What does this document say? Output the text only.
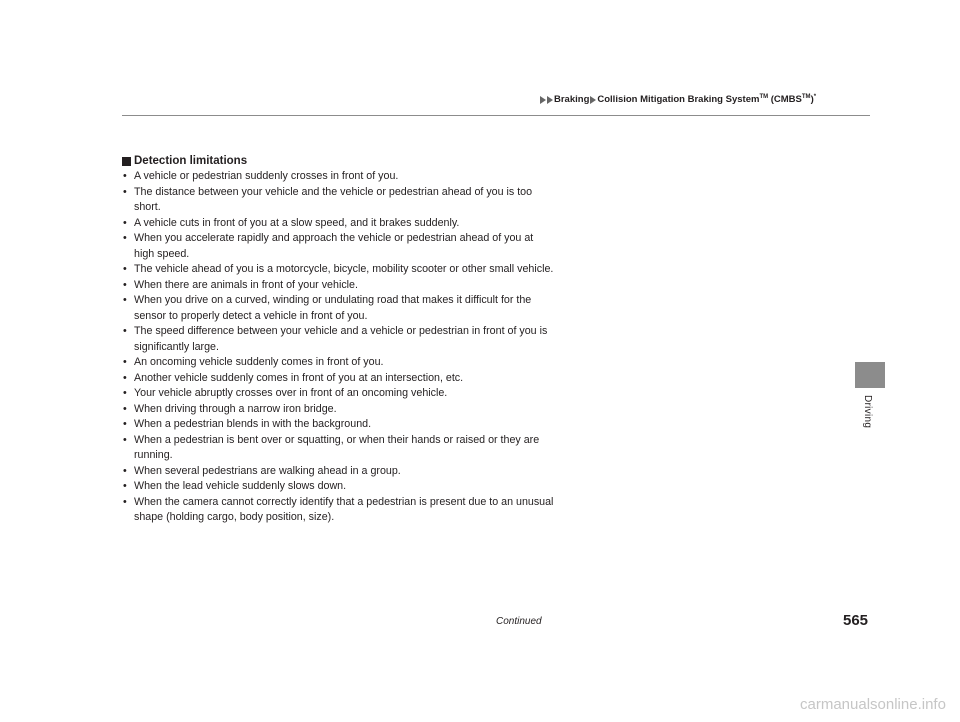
Braking Collision Mitigation Braking System™ (CMBS™)*
Detection limitations
• A vehicle or pedestrian suddenly crosses in front of you.
• The distance between your vehicle and the vehicle or pedestrian ahead of you is too short.
• A vehicle cuts in front of you at a slow speed, and it brakes suddenly.
• When you accelerate rapidly and approach the vehicle or pedestrian ahead of you at high speed.
• The vehicle ahead of you is a motorcycle, bicycle, mobility scooter or other small vehicle.
• When there are animals in front of your vehicle.
• When you drive on a curved, winding or undulating road that makes it difficult for the sensor to properly detect a vehicle in front of you.
• The speed difference between your vehicle and a vehicle or pedestrian in front of you is significantly large.
• An oncoming vehicle suddenly comes in front of you.
• Another vehicle suddenly comes in front of you at an intersection, etc.
• Your vehicle abruptly crosses over in front of an oncoming vehicle.
• When driving through a narrow iron bridge.
• When a pedestrian blends in with the background.
• When a pedestrian is bent over or squatting, or when their hands or raised or they are running.
• When several pedestrians are walking ahead in a group.
• When the lead vehicle suddenly slows down.
• When the camera cannot correctly identify that a pedestrian is present due to an unusual shape (holding cargo, body position, size).
Driving
Continued	565
carmanualsonline.info
